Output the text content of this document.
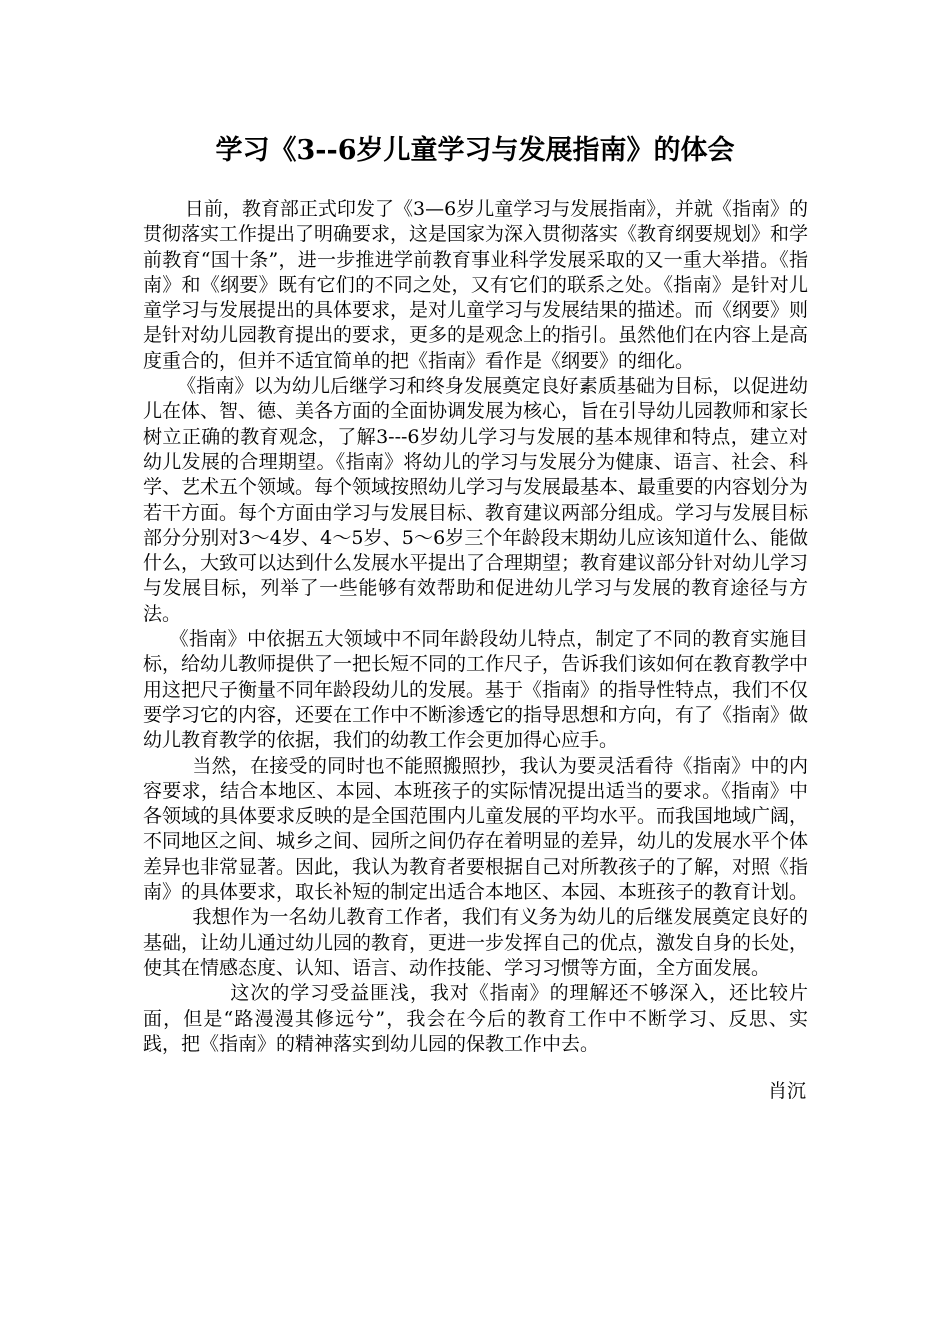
学习《3--6岁儿童学习与发展指南》的体会

日前，教育部正式印发了《3—6岁儿童学习与发展指南》，并就《指南》的贯彻落实工作提出了明确要求，这是国家为深入贯彻落实《教育纲要规划》和学前教育“国十条”，进一步推进学前教育事业科学发展采取的又一重大举措。《指南》和《纲要》既有它们的不同之处，又有它们的联系之处。《指南》是针对儿童学习与发展提出的具体要求，是对儿童学习与发展结果的描述。而《纲要》则是针对幼儿园教育提出的要求，更多的是观念上的指引。虽然他们在内容上是高度重合的，但并不适宜简单的把《指南》看作是《纲要》的细化。

《指南》以为幼儿后继学习和终身发展奠定良好素质基础为目标，以促进幼儿在体、智、德、美各方面的全面协调发展为核心，旨在引导幼儿园教师和家长树立正确的教育观念，了解3---6岁幼儿学习与发展的基本规律和特点，建立对幼儿发展的合理期望。《指南》将幼儿的学习与发展分为健康、语言、社会、科学、艺术五个领域。每个领域按照幼儿学习与发展最基本、最重要的内容划分为若干方面。每个方面由学习与发展目标、教育建议两部分组成。学习与发展目标部分分别对3～4岁、4～5岁、5～6岁三个年龄段末期幼儿应该知道什么、能做什么，大致可以达到什么发展水平提出了合理期望；教育建议部分针对幼儿学习与发展目标，列举了一些能够有效帮助和促进幼儿学习与发展的教育途径与方法。

《指南》中依据五大领域中不同年龄段幼儿特点，制定了不同的教育实施目标，给幼儿教师提供了一把长短不同的工作尺子，告诉我们该如何在教育教学中用这把尺子衡量不同年龄段幼儿的发展。基于《指南》的指导性特点，我们不仅要学习它的内容，还要在工作中不断渗透它的指导思想和方向，有了《指南》做幼儿教育教学的依据，我们的幼教工作会更加得心应手。

当然，在接受的同时也不能照搬照抄，我认为要灵活看待《指南》中的内容要求，结合本地区、本园、本班孩子的实际情况提出适当的要求。《指南》中各领域的具体要求反映的是全国范围内儿童发展的平均水平。而我国地域广阔，不同地区之间、城乡之间、园所之间仍存在着明显的差异，幼儿的发展水平个体差异也非常显著。因此，我认为教育者要根据自己对所教孩子的了解，对照《指南》的具体要求，取长补短的制定出适合本地区、本园、本班孩子的教育计划。

我想作为一名幼儿教育工作者，我们有义务为幼儿的后继发展奠定良好的基础，让幼儿通过幼儿园的教育，更进一步发挥自己的优点，激发自身的长处，使其在情感态度、认知、语言、动作技能、学习习惯等方面，全方面发展。

这次的学习受益匪浅，我对《指南》的理解还不够深入，还比较片面，但是“路漫漫其修远兮”，我会在今后的教育工作中不断学习、反思、实践，把《指南》的精神落实到幼儿园的保教工作中去。

肖沉
